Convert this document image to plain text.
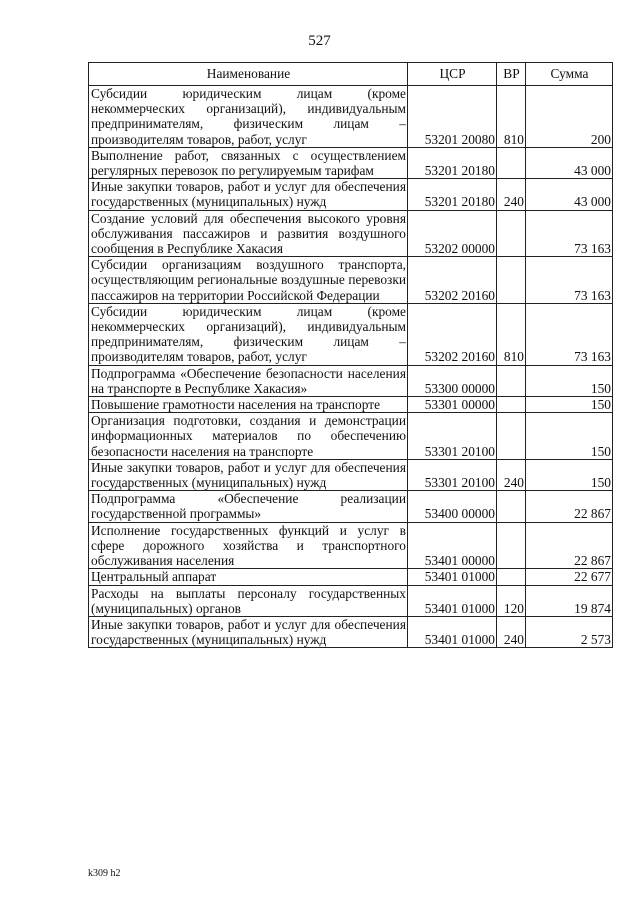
527
Наименование	ЦСР	ВР	Сумма
Субсидии юридическим лицам (кроме некоммерческих организаций), индивидуальным предпринимателям, физическим лицам – производителям товаров, работ, услуг	53201 20080	810	200
Выполнение работ, связанных с осуществлением регулярных перевозок по регулируемым тарифам	53201 20180		43 000
Иные закупки товаров, работ и услуг для обеспечения государственных (муниципальных) нужд	53201 20180	240	43 000
Создание условий для обеспечения высокого уровня обслуживания пассажиров и развития воздушного сообщения в Республике Хакасия	53202 00000		73 163
Субсидии организациям воздушного транспорта, осуществляющим региональные воздушные перевозки пассажиров на территории Российской Федерации	53202 20160		73 163
Субсидии юридическим лицам (кроме некоммерческих организаций), индивидуальным предпринимателям, физическим лицам – производителям товаров, работ, услуг	53202 20160	810	73 163
Подпрограмма «Обеспечение безопасности населения на транспорте в Республике Хакасия»	53300 00000		150
Повышение грамотности населения на транспорте	53301 00000		150
Организация подготовки, создания и демонстрации информационных материалов по обеспечению безопасности населения на транспорте	53301 20100		150
Иные закупки товаров, работ и услуг для обеспечения государственных (муниципальных) нужд	53301 20100	240	150
Подпрограмма «Обеспечение реализации государственной программы»	53400 00000		22 867
Исполнение государственных функций и услуг в сфере дорожного хозяйства и транспортного обслуживания населения	53401 00000		22 867
Центральный аппарат	53401 01000		22 677
Расходы на выплаты персоналу государственных (муниципальных) органов	53401 01000	120	19 874
Иные закупки товаров, работ и услуг для обеспечения государственных (муниципальных) нужд	53401 01000	240	2 573
k309 h2
